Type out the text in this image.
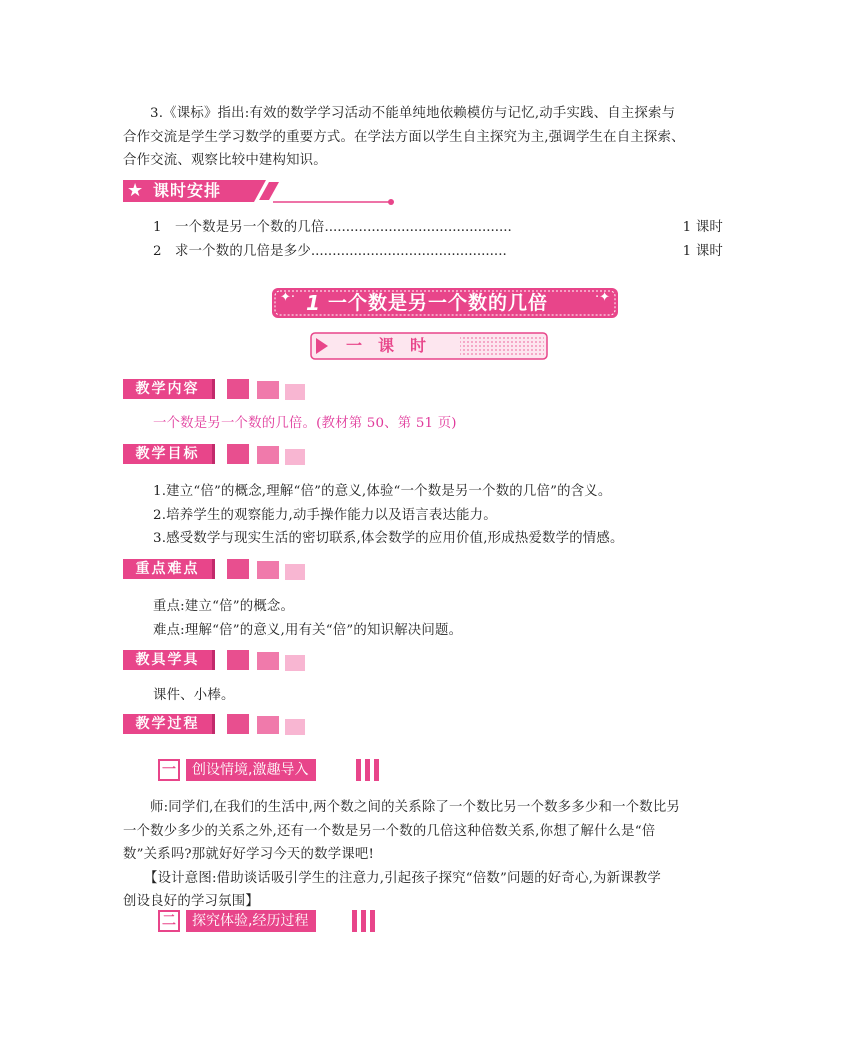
3.《课标》指出:有效的数学学习活动不能单纯地依赖模仿与记忆,动手实践、自主探索与
合作交流是学生学习数学的重要方式。在学法方面以学生自主探究为主,强调学生在自主探索、
合作交流、观察比较中建构知识。
★ 课时安排
1 一个数是另一个数的几倍 ............................................	1 课时
2 求一个数的几倍是多少 ..............................................	1 课时
✦· 1 一个数是另一个数的几倍	·✦
一　课　时
教学内容
一个数是另一个数的几倍。(教材第 50、第 51 页)
教学目标
1.建立“倍”的概念,理解“倍”的意义,体验“一个数是另一个数的几倍”的含义。
2.培养学生的观察能力,动手操作能力以及语言表达能力。
3.感受数学与现实生活的密切联系,体会数学的应用价值,形成热爱数学的情感。
重点难点
重点:建立“倍”的概念。
难点:理解“倍”的意义,用有关“倍”的知识解决问题。
教具学具
课件、小棒。
教学过程
一	创设情境,激趣导入
师:同学们,在我们的生活中,两个数之间的关系除了一个数比另一个数多多少和一个数比另
一个数少多少的关系之外,还有一个数是另一个数的几倍这种倍数关系,你想了解什么是“倍
数”关系吗?那就好好学习今天的数学课吧!
【设计意图:借助谈话吸引学生的注意力,引起孩子探究“倍数”问题的好奇心,为新课教学
创设良好的学习氛围】
二	探究体验,经历过程
